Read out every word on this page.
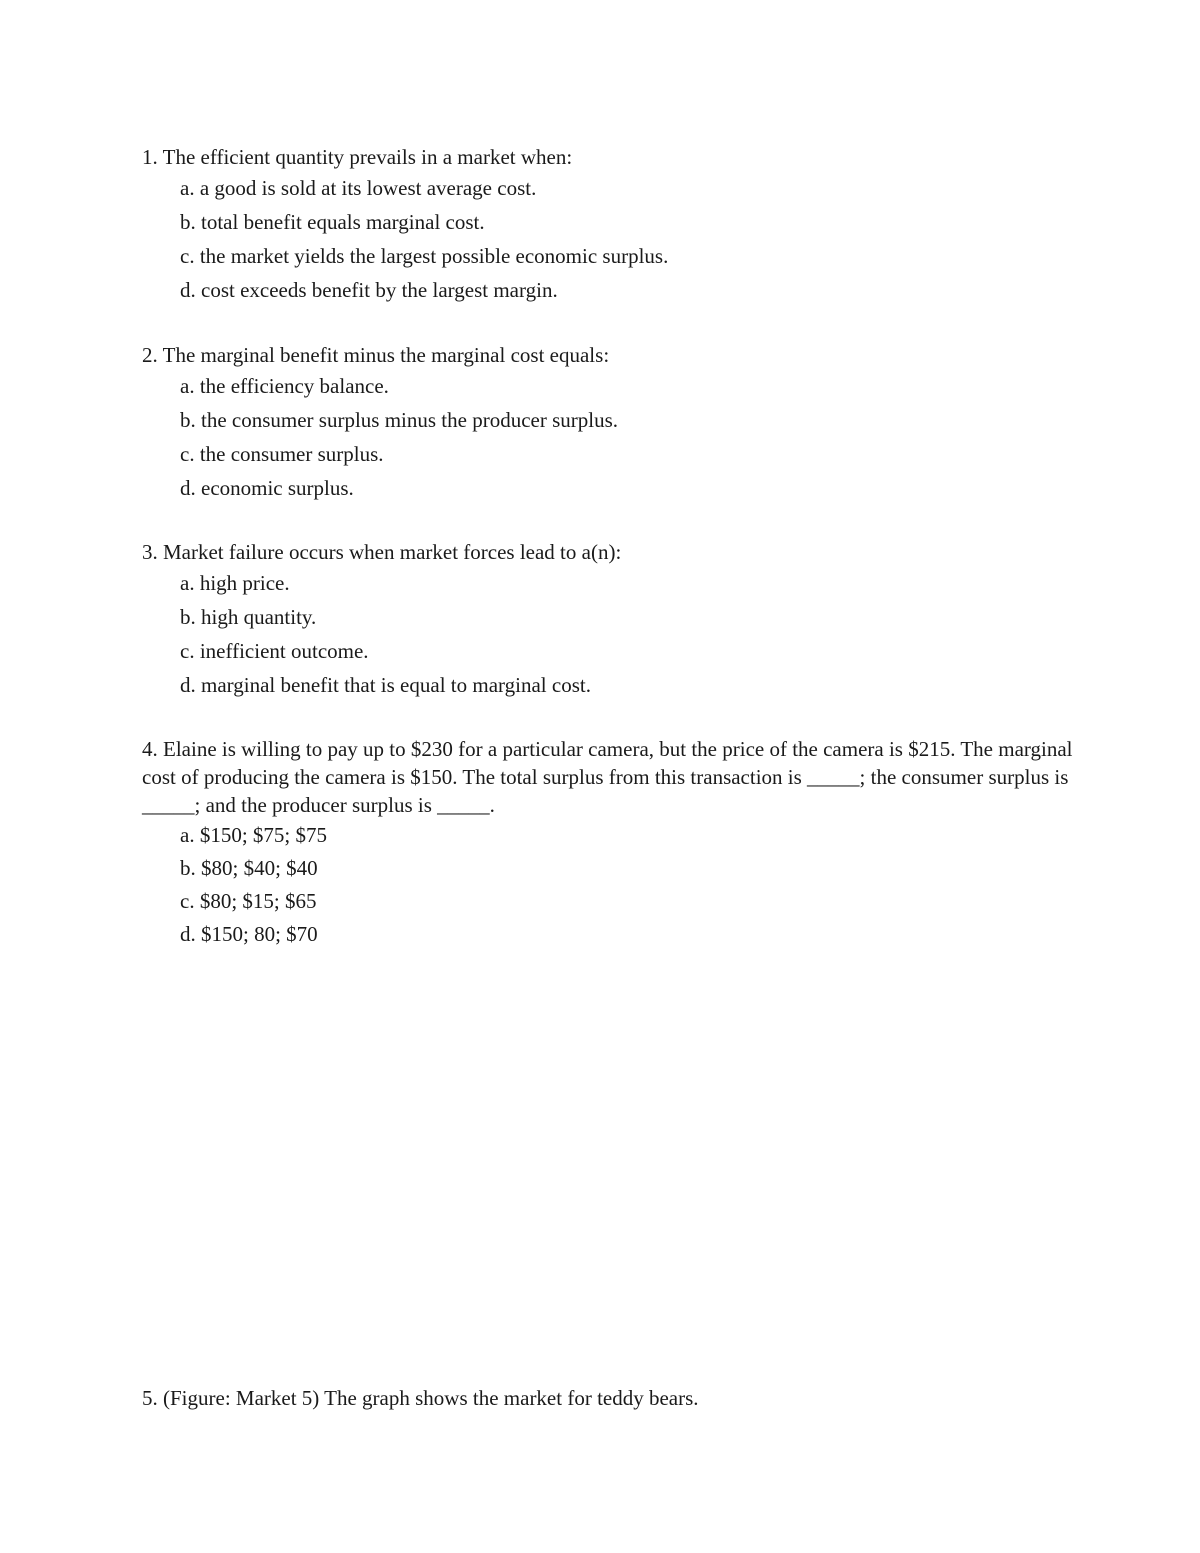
1. The efficient quantity prevails in a market when:

a. a good is sold at its lowest average cost.
b. total benefit equals marginal cost.
c. the market yields the largest possible economic surplus.
d. cost exceeds benefit by the largest margin.

2. The marginal benefit minus the marginal cost equals:

a. the efficiency balance.
b. the consumer surplus minus the producer surplus.
c. the consumer surplus.
d. economic surplus.

3. Market failure occurs when market forces lead to a(n):

a. high price.
b. high quantity.
c. inefficient outcome.
d. marginal benefit that is equal to marginal cost.

4. Elaine is willing to pay up to $230 for a particular camera, but the price of the camera is $215. The marginal cost of producing the camera is $150. The total surplus from this transaction is _____; the consumer surplus is _____; and the producer surplus is _____.

a. $150; $75; $75
b. $80; $40; $40
c. $80; $15; $65
d. $150; 80; $70

5. (Figure: Market 5) The graph shows the market for teddy bears.
